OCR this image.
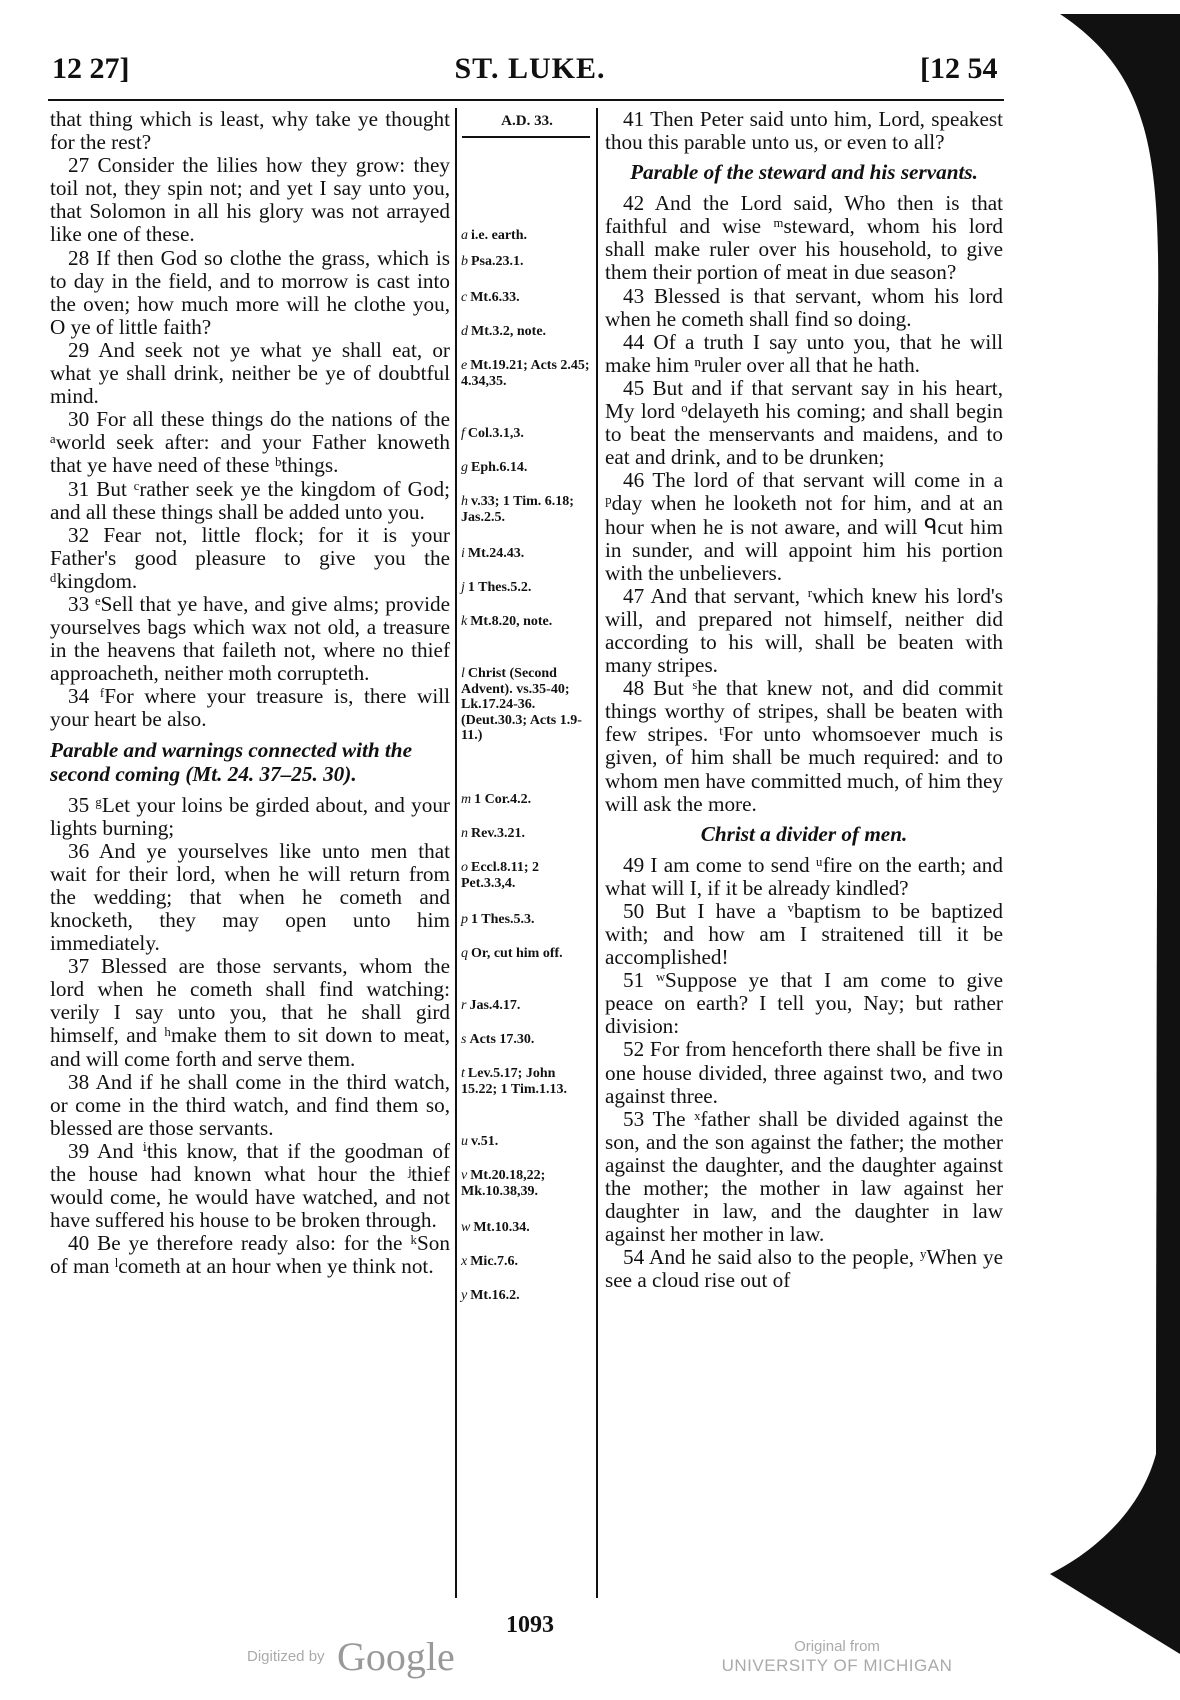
12 27]	ST. LUKE.	[12 54

that thing which is least, why take ye thought for the rest?

27 Consider the lilies how they grow: they toil not, they spin not; and yet I say unto you, that Solomon in all his glory was not arrayed like one of these.

28 If then God so clothe the grass, which is to day in the field, and to morrow is cast into the oven; how much more will he clothe you, O ye of little faith?

29 And seek not ye what ye shall eat, or what ye shall drink, neither be ye of doubtful mind.

30 For all these things do the nations of the ᵃworld seek after: and your Father knoweth that ye have need of these ᵇthings.

31 But ᶜrather seek ye the kingdom of God; and all these things shall be added unto you.

32 Fear not, little flock; for it is your Father's good pleasure to give you the ᵈkingdom.

33 ᵉSell that ye have, and give alms; provide yourselves bags which wax not old, a treasure in the heavens that faileth not, where no thief approacheth, neither moth corrupteth.

34 ᶠFor where your treasure is, there will your heart be also.

Parable and warnings connected with the second coming (Mt. 24. 37–25. 30).

35 ᵍLet your loins be girded about, and your lights burning;

36 And ye yourselves like unto men that wait for their lord, when he will return from the wedding; that when he cometh and knocketh, they may open unto him immediately.

37 Blessed are those servants, whom the lord when he cometh shall find watching: verily I say unto you, that he shall gird himself, and ʰmake them to sit down to meat, and will come forth and serve them.

38 And if he shall come in the third watch, or come in the third watch, and find them so, blessed are those servants.

39 And ⁱthis know, that if the goodman of the house had known what hour the ʲthief would come, he would have watched, and not have suffered his house to be broken through.

40 Be ye therefore ready also: for the ᵏSon of man ˡcometh at an hour when ye think not.

A.D. 33.
a i.e. earth.
b Psa.23.1.
c Mt.6.33.
d Mt.3.2, note.
e Mt.19.21; Acts 2.45; 4.34,35.
f Col.3.1,3.
g Eph.6.14.
h v.33; 1 Tim. 6.18; Jas.2.5.
i Mt.24.43.
j 1 Thes.5.2.
k Mt.8.20, note.
l Christ (Second Advent). vs.35-40; Lk.17.24-36. (Deut.30.3; Acts 1.9-11.)
m 1 Cor.4.2.
n Rev.3.21.
o Eccl.8.11; 2 Pet.3.3,4.
p 1 Thes.5.3.
q Or, cut him off.
r Jas.4.17.
s Acts 17.30.
t Lev.5.17; John 15.22; 1 Tim.1.13.
u v.51.
v Mt.20.18,22; Mk.10.38,39.
w Mt.10.34.
x Mic.7.6.
y Mt.16.2.

41 Then Peter said unto him, Lord, speakest thou this parable unto us, or even to all?

Parable of the steward and his servants.

42 And the Lord said, Who then is that faithful and wise ᵐsteward, whom his lord shall make ruler over his household, to give them their portion of meat in due season?

43 Blessed is that servant, whom his lord when he cometh shall find so doing.

44 Of a truth I say unto you, that he will make him ⁿruler over all that he hath.

45 But and if that servant say in his heart, My lord ᵒdelayeth his coming; and shall begin to beat the menservants and maidens, and to eat and drink, and to be drunken;

46 The lord of that servant will come in a ᵖday when he looketh not for him, and at an hour when he is not aware, and will ᑫcut him in sunder, and will appoint him his portion with the unbelievers.

47 And that servant, ʳwhich knew his lord's will, and prepared not himself, neither did according to his will, shall be beaten with many stripes.

48 But ˢhe that knew not, and did commit things worthy of stripes, shall be beaten with few stripes. ᵗFor unto whomsoever much is given, of him shall be much required: and to whom men have committed much, of him they will ask the more.

Christ a divider of men.

49 I am come to send ᵘfire on the earth; and what will I, if it be already kindled?

50 But I have a ᵛbaptism to be baptized with; and how am I straitened till it be accomplished!

51 ʷSuppose ye that I am come to give peace on earth? I tell you, Nay; but rather division:

52 For from henceforth there shall be five in one house divided, three against two, and two against three.

53 The ˣfather shall be divided against the son, and the son against the father; the mother against the daughter, and the daughter against the mother; the mother in law against her daughter in law, and the daughter in law against her mother in law.

54 And he said also to the people, ʸWhen ye see a cloud rise out of

1093
Digitized by Google	Original from
UNIVERSITY OF MICHIGAN
